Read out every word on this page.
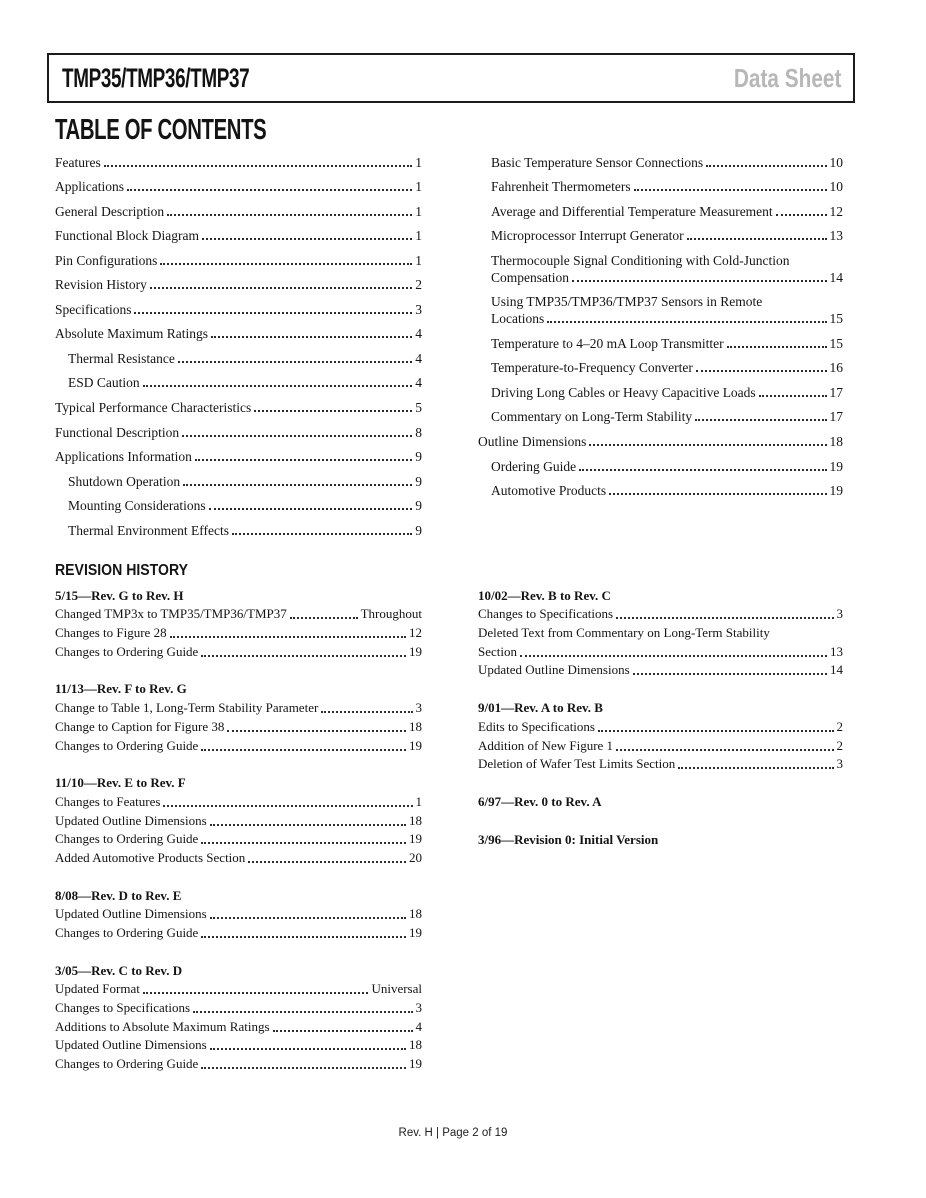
TMP35/TMP36/TMP37	Data Sheet
TABLE OF CONTENTS
Features	1
Applications	1
General Description	1
Functional Block Diagram	1
Pin Configurations	1
Revision History	2
Specifications	3
Absolute Maximum Ratings	4
Thermal Resistance	4
ESD Caution	4
Typical Performance Characteristics	5
Functional Description	8
Applications Information	9
Shutdown Operation	9
Mounting Considerations	9
Thermal Environment Effects	9
Basic Temperature Sensor Connections	10
Fahrenheit Thermometers	10
Average and Differential Temperature Measurement	12
Microprocessor Interrupt Generator	13
Thermocouple Signal Conditioning with Cold-Junction
Compensation	14
Using TMP35/TMP36/TMP37 Sensors in Remote
Locations	15
Temperature to 4–20 mA Loop Transmitter	15
Temperature-to-Frequency Converter	16
Driving Long Cables or Heavy Capacitive Loads	17
Commentary on Long-Term Stability	17
Outline Dimensions	18
Ordering Guide	19
Automotive Products	19
REVISION HISTORY
5/15—Rev. G to Rev. H
Changed TMP3x to TMP35/TMP36/TMP37	Throughout
Changes to Figure 28	12
Changes to Ordering Guide	19
11/13—Rev. F to Rev. G
Change to Table 1, Long-Term Stability Parameter	3
Change to Caption for Figure 38	18
Changes to Ordering Guide	19
11/10—Rev. E to Rev. F
Changes to Features	1
Updated Outline Dimensions	18
Changes to Ordering Guide	19
Added Automotive Products Section	20
8/08—Rev. D to Rev. E
Updated Outline Dimensions	18
Changes to Ordering Guide	19
3/05—Rev. C to Rev. D
Updated Format	Universal
Changes to Specifications	3
Additions to Absolute Maximum Ratings	4
Updated Outline Dimensions	18
Changes to Ordering Guide	19
10/02—Rev. B to Rev. C
Changes to Specifications	3
Deleted Text from Commentary on Long-Term Stability
Section	13
Updated Outline Dimensions	14
9/01—Rev. A to Rev. B
Edits to Specifications	2
Addition of New Figure 1	2
Deletion of Wafer Test Limits Section	3
6/97—Rev. 0 to Rev. A
3/96—Revision 0: Initial Version
Rev. H | Page 2 of 19
